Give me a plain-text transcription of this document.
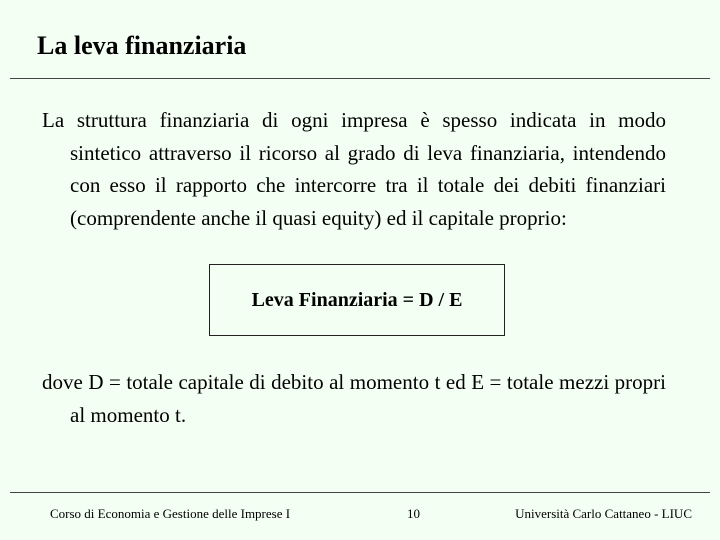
La leva finanziaria
La struttura finanziaria di ogni impresa è spesso indicata in modo sintetico attraverso il ricorso al grado di leva finanziaria, intendendo con esso il rapporto che intercorre tra il totale dei debiti finanziari (comprendente anche il quasi equity) ed il capitale proprio:
Leva Finanziaria = D / E
dove D = totale capitale di debito al momento t ed E = totale mezzi propri al momento t.
Corso di Economia e Gestione delle Imprese I	10	Università Carlo Cattaneo - LIUC
